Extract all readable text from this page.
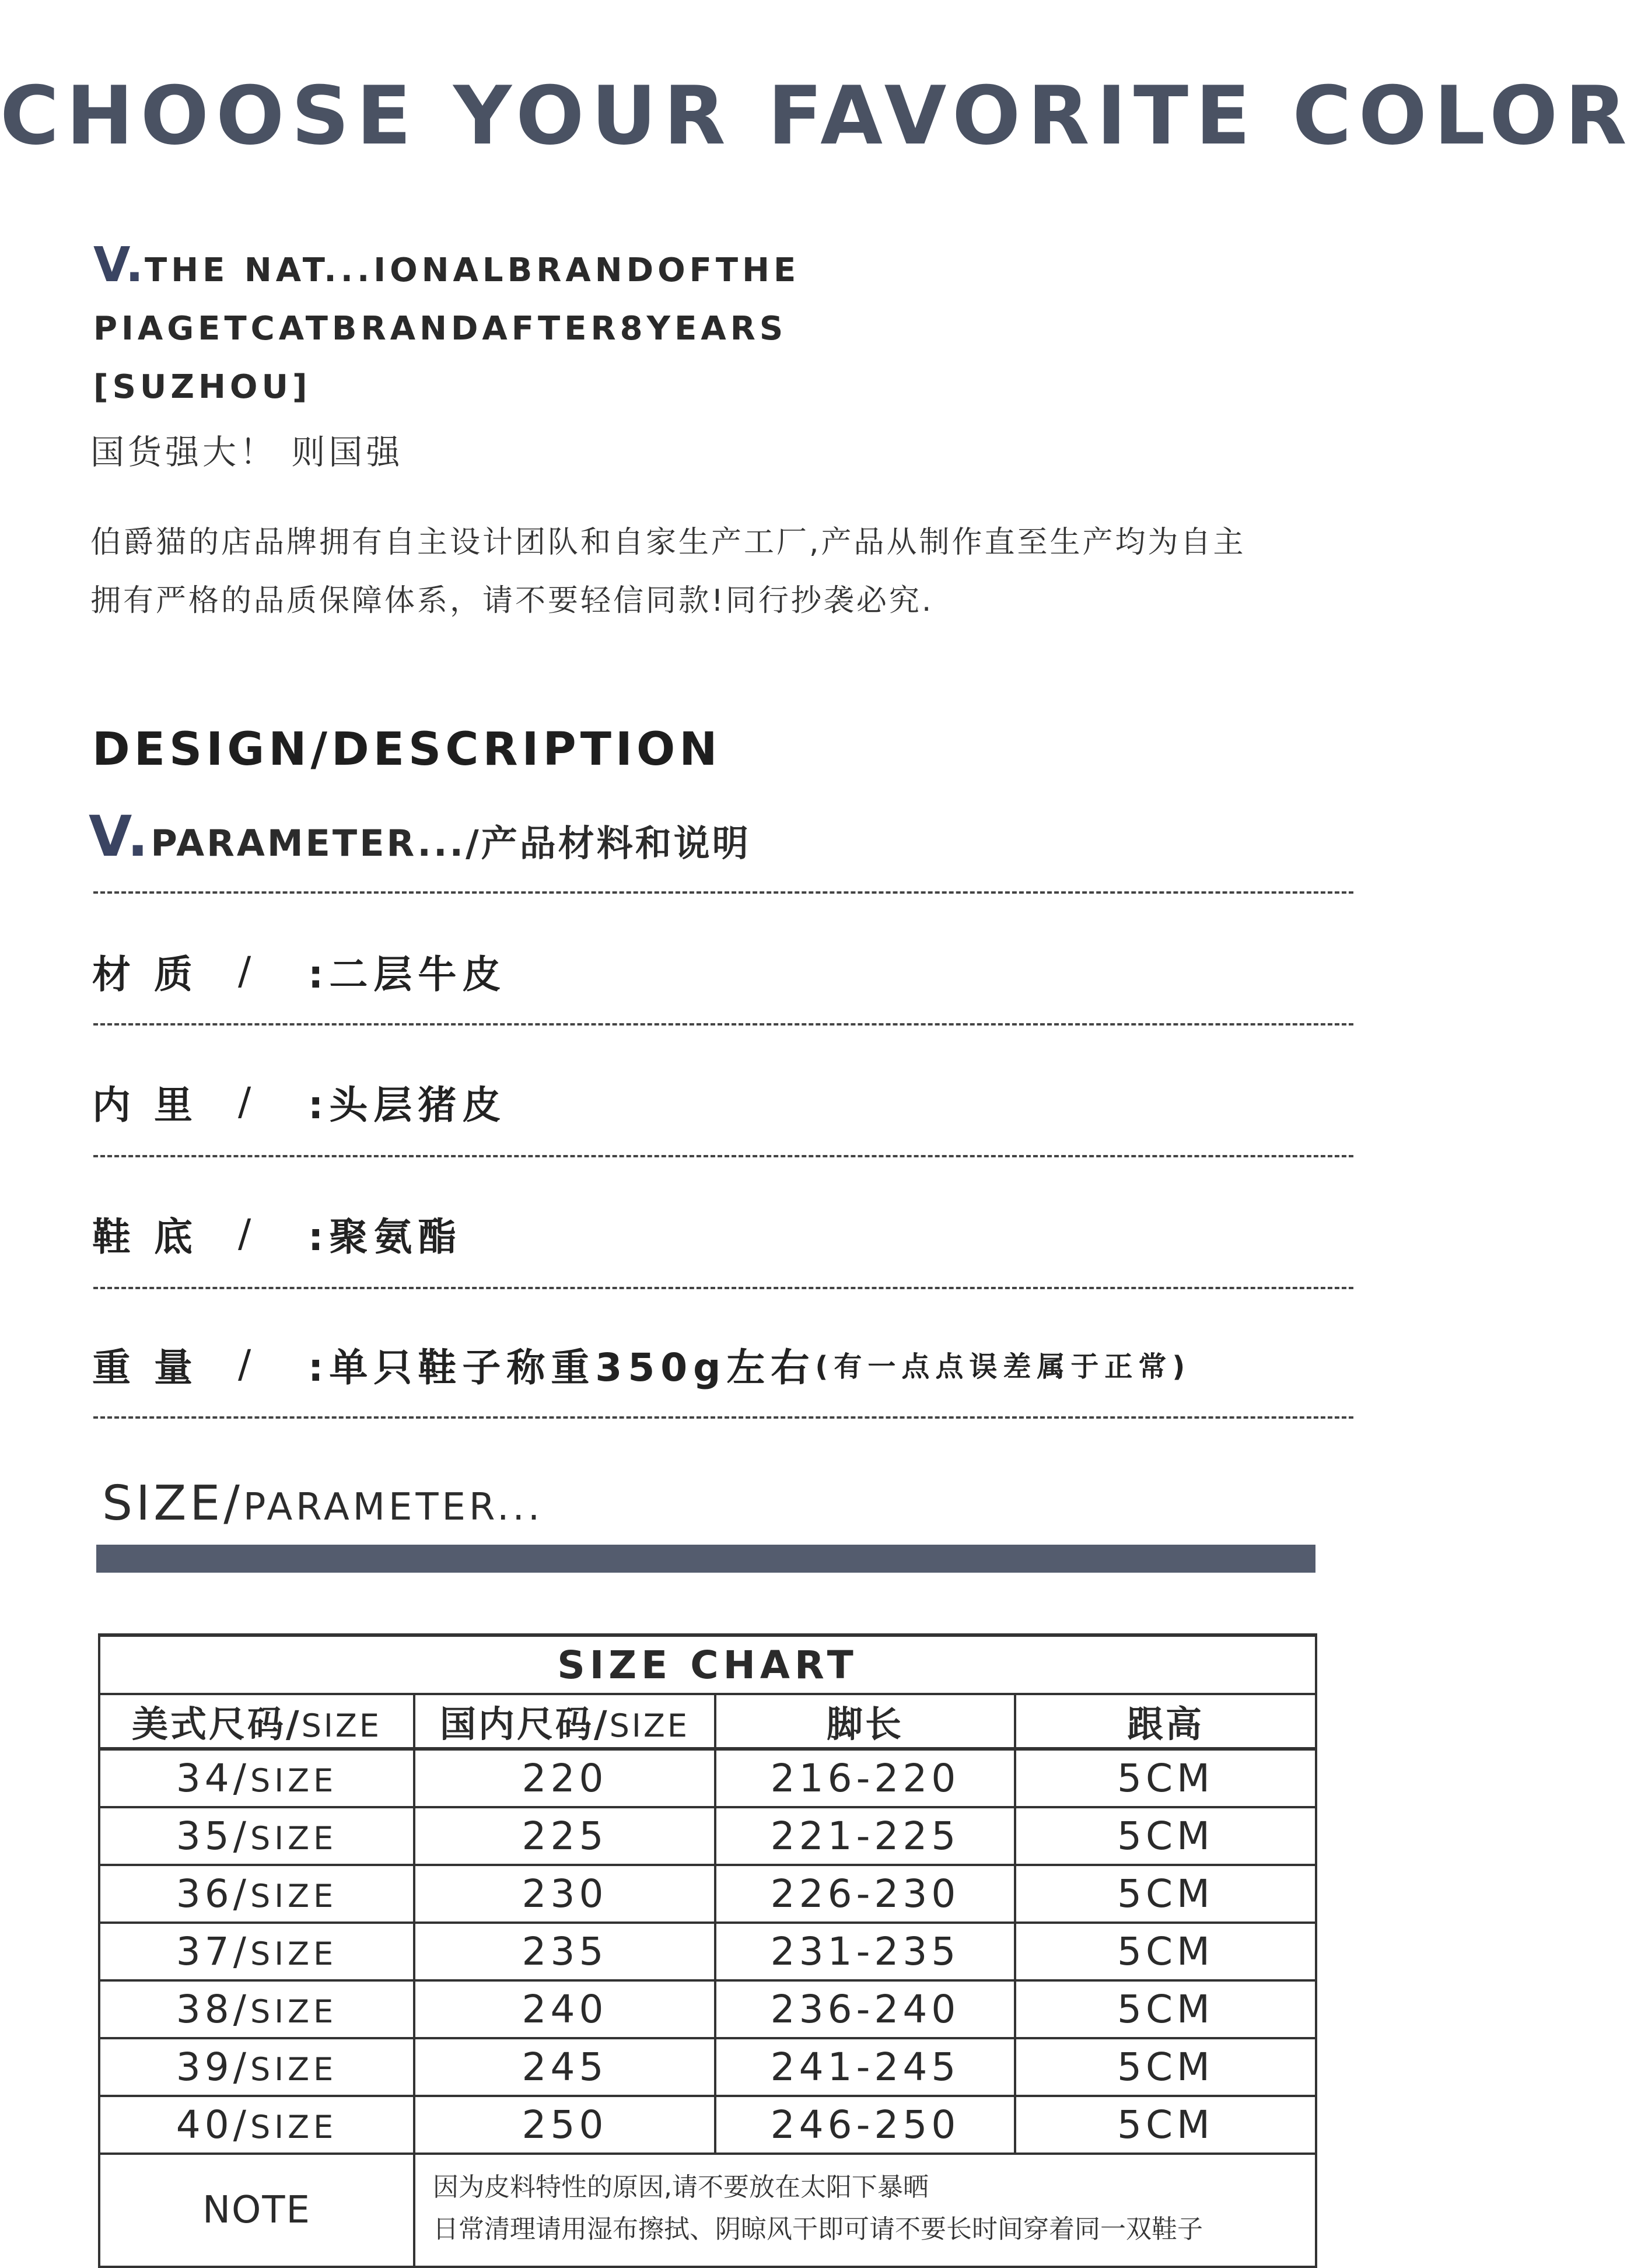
CHOOSE YOUR FAVORITE COLOR
V.THE NAT...IONALBRANDOFTHE
PIAGETCATBRANDAFTER8YEARS
[SUZHOU]
国货强大！ 则国强
伯爵猫的店品牌拥有自主设计团队和自家生产工厂,产品从制作直至生产均为自主
拥有严格的品质保障体系，请不要轻信同款!同行抄袭必究.
DESIGN/DESCRIPTION
V.PARAMETER.../产品材料和说明
材质 /	:二层牛皮
内里 /	:头层猪皮
鞋底 /	:聚氨酯
重量 /	:单只鞋子称重350g左右 (有一点点误差属于正常)
SIZE/PARAMETER...
SIZE CHART			
美式尺码/SIZE	国内尺码/SIZE	脚长	跟高
34/SIZE	220	216-220	5CM
35/SIZE	225	221-225	5CM
36/SIZE	230	226-230	5CM
37/SIZE	235	231-235	5CM
38/SIZE	240	236-240	5CM
39/SIZE	245	241-245	5CM
40/SIZE	250	246-250	5CM
NOTE	因为皮料特性的原因,请不要放在太阳下暴晒
日常清理请用湿布擦拭、阴晾风干即可请不要长时间穿着同一双鞋子		
